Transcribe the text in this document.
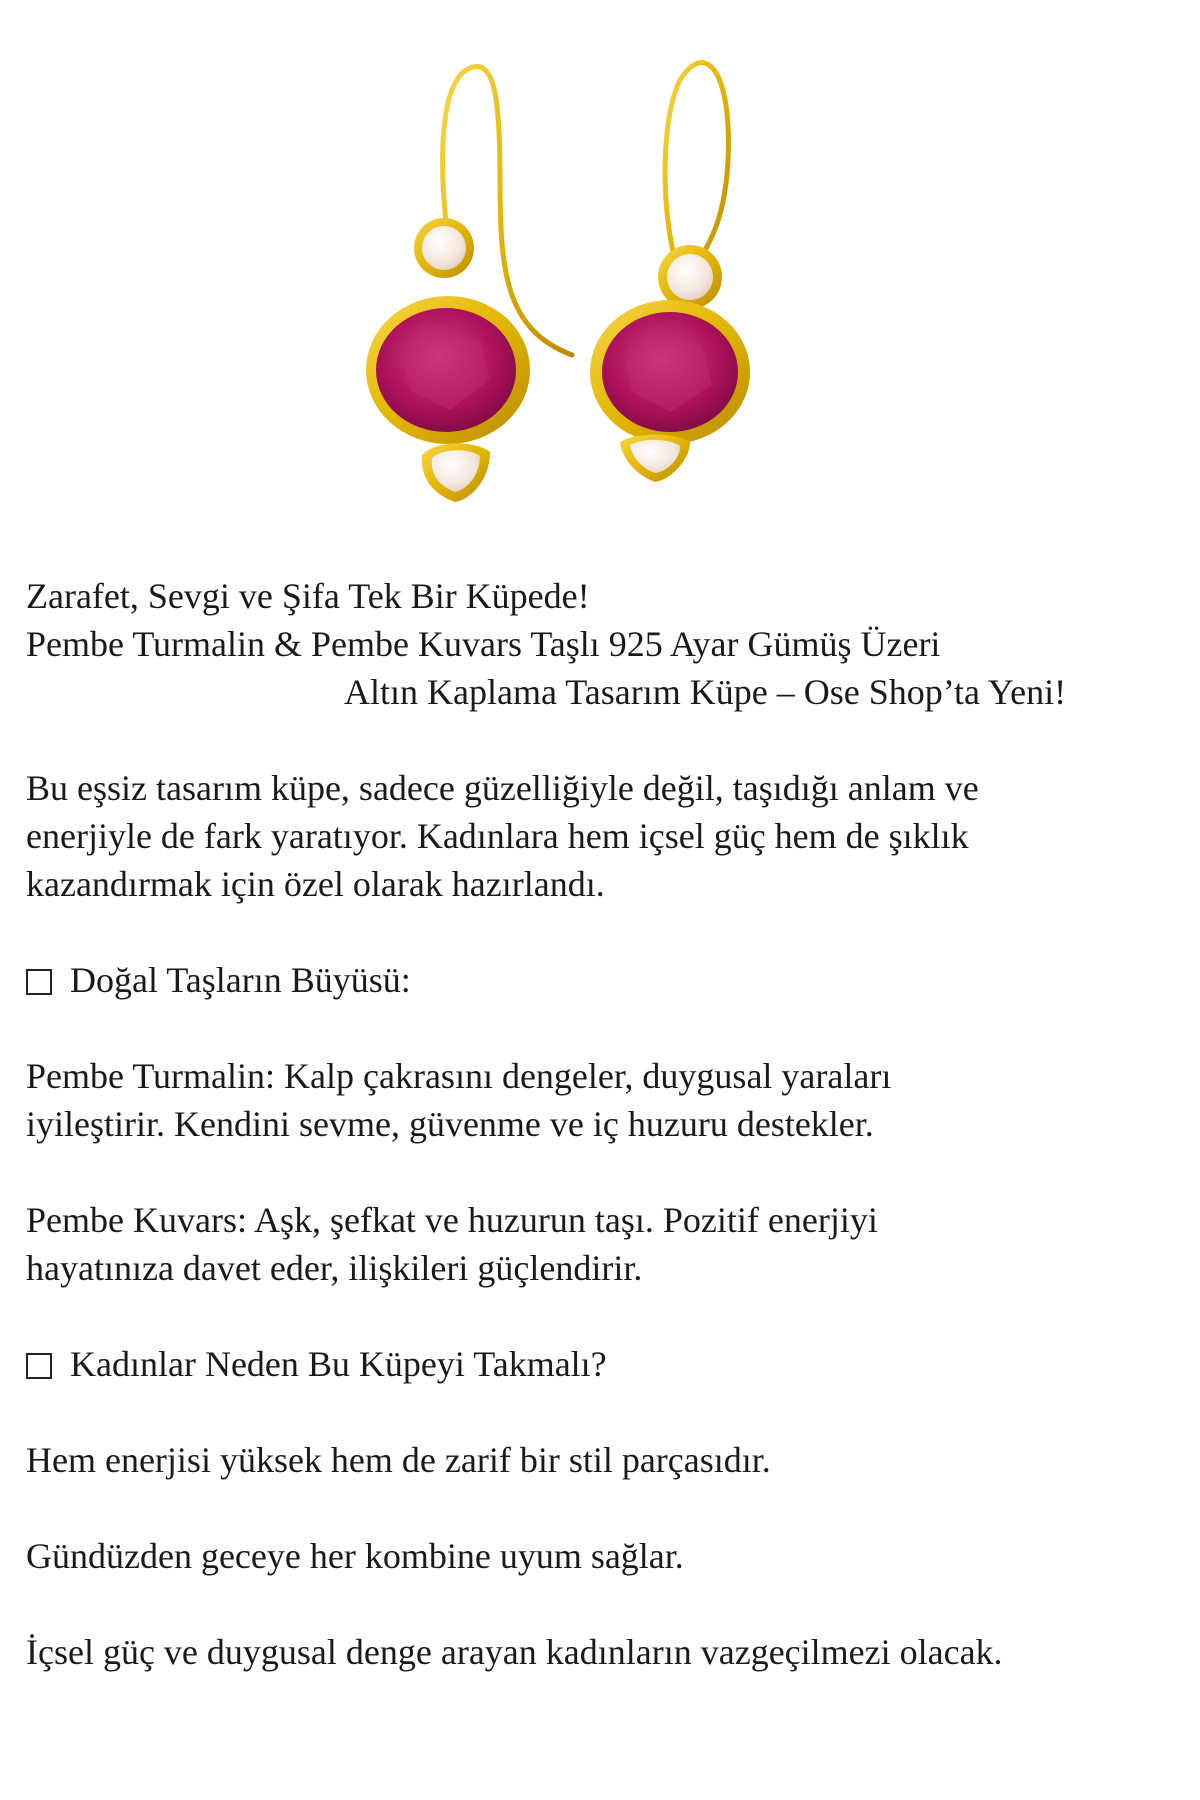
Zarafet, Sevgi ve Şifa Tek Bir Küpede!
Pembe Turmalin & Pembe Kuvars Taşlı 925 Ayar Gümüş Üzeri
Altın Kaplama Tasarım Küpe – Ose Shop’ta Yeni!
Bu eşsiz tasarım küpe, sadece güzelliğiyle değil, taşıdığı anlam ve
enerjiyle de fark yaratıyor. Kadınlara hem içsel güç hem de şıklık
kazandırmak için özel olarak hazırlandı.
Doğal Taşların Büyüsü:
Pembe Turmalin: Kalp çakrasını dengeler, duygusal yaraları
iyileştirir. Kendini sevme, güvenme ve iç huzuru destekler.
Pembe Kuvars: Aşk, şefkat ve huzurun taşı. Pozitif enerjiyi
hayatınıza davet eder, ilişkileri güçlendirir.
Kadınlar Neden Bu Küpeyi Takmalı?
Hem enerjisi yüksek hem de zarif bir stil parçasıdır.
Gündüzden geceye her kombine uyum sağlar.
İçsel güç ve duygusal denge arayan kadınların vazgeçilmezi olacak.
